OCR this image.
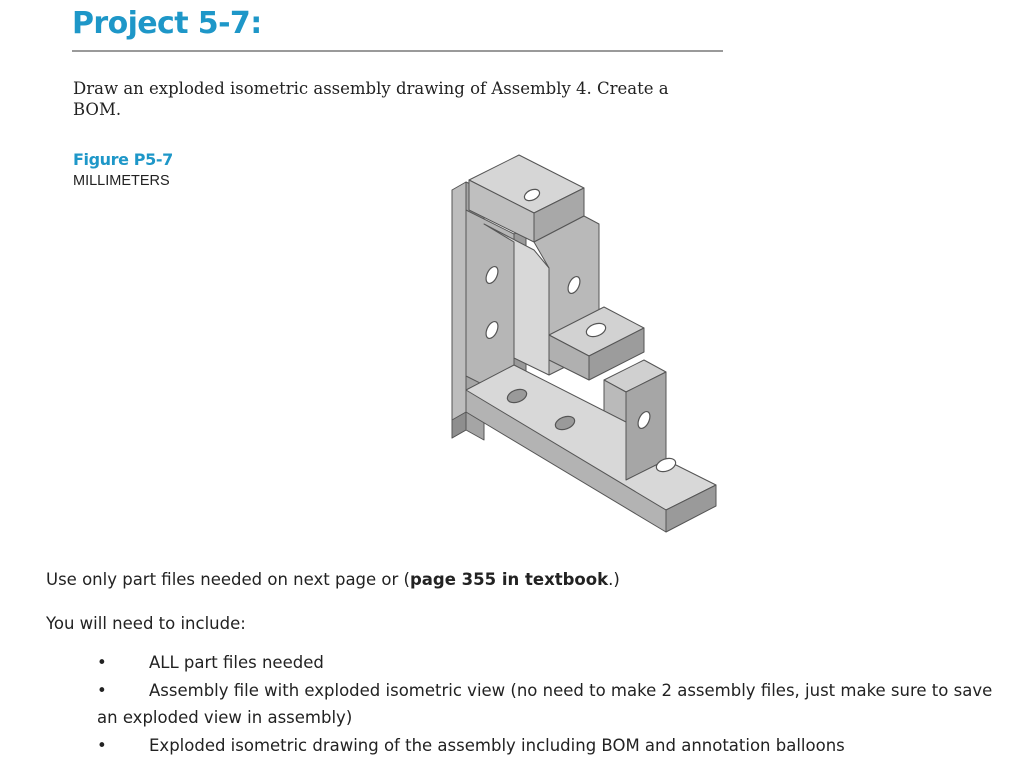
Project 5-7:
Draw an exploded isometric assembly drawing of Assembly 4. Create a BOM.
Figure P5-7
MILLIMETERS
Use only part files needed on next page or (page 355 in textbook.)
You will need to include:
•	ALL part files needed
•	Assembly file with exploded isometric view (no need to make 2 assembly files, just make sure to save an exploded view in assembly)
•	Exploded isometric drawing of the assembly including BOM and annotation balloons
